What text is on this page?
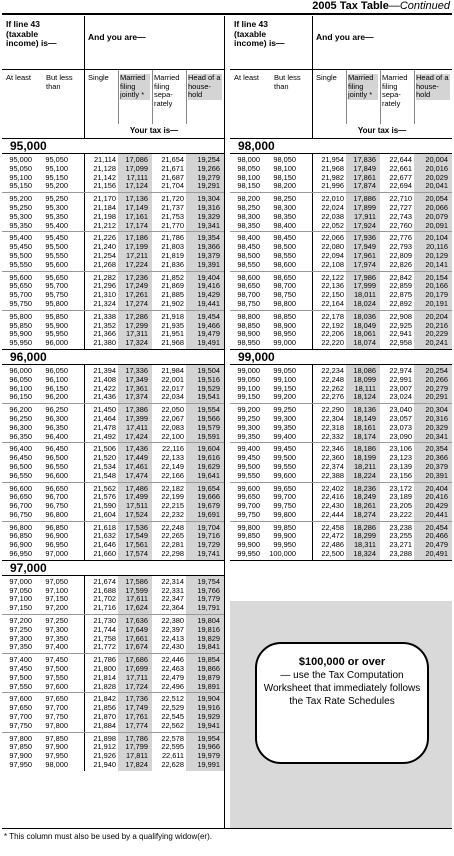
2005 Tax Table—Continued
If line 43 (taxable income) is—
And you are—
At least	But less than
Single	Married filing jointly *
Married filing sepa-rately
Head of a house-hold
Your tax is—
95,000
95,000	95,050	21,114	17,086	21,654	19,254
95,050	95,100	21,128	17,099	21,671	19,266
95,100	95,150	21,142	17,111	21,687	19,279
95,150	95,200	21,156	17,124	21,704	19,291
95,200	95,250	21,170	17,136	21,720	19,304
95,250	95,300	21,184	17,149	21,737	19,316
95,300	95,350	21,198	17,161	21,753	19,329
95,350	95,400	21,212	17,174	21,770	19,341
95,400	95,450	21,226	17,186	21,786	19,354
95,450	95,500	21,240	17,199	21,803	19,366
95,500	95,550	21,254	17,211	21,819	19,379
95,550	95,600	21,268	17,224	21,836	19,391
95,600	95,650	21,282	17,236	21,852	19,404
95,650	95,700	21,296	17,249	21,869	19,416
95,700	95,750	21,310	17,261	21,885	19,429
95,750	95,800	21,324	17,274	21,902	19,441
95,800	95,850	21,338	17,286	21,918	19,454
95,850	95,900	21,352	17,299	21,935	19,466
95,900	95,950	21,366	17,311	21,951	19,479
95,950	96,000	21,380	17,324	21,968	19,491
96,000
96,000	96,050	21,394	17,336	21,984	19,504
96,050	96,100	21,408	17,349	22,001	19,516
96,100	96,150	21,422	17,361	22,017	19,529
96,150	96,200	21,436	17,374	22,034	19,541
96,200	96,250	21,450	17,386	22,050	19,554
96,250	96,300	21,464	17,399	22,067	19,566
96,300	96,350	21,478	17,411	22,083	19,579
96,350	96,400	21,492	17,424	22,100	19,591
96,400	96,450	21,506	17,436	22,116	19,604
96,450	96,500	21,520	17,449	22,133	19,616
96,500	96,550	21,534	17,461	22,149	19,629
96,550	96,600	21,548	17,474	22,166	19,641
96,600	96,650	21,562	17,486	22,182	19,654
96,650	96,700	21,576	17,499	22,199	19,666
96,700	96,750	21,590	17,511	22,215	19,679
96,750	96,800	21,604	17,524	22,232	19,691
96,800	96,850	21,618	17,536	22,248	19,704
96,850	96,900	21,632	17,549	22,265	19,716
96,900	96,950	21,646	17,561	22,281	19,729
96,950	97,000	21,660	17,574	22,298	19,741
97,000
97,000	97,050	21,674	17,586	22,314	19,754
97,050	97,100	21,688	17,599	22,331	19,766
97,100	97,150	21,702	17,611	22,347	19,779
97,150	97,200	21,716	17,624	22,364	19,791
97,200	97,250	21,730	17,636	22,380	19,804
97,250	97,300	21,744	17,649	22,397	19,816
97,300	97,350	21,758	17,661	22,413	19,829
97,350	97,400	21,772	17,674	22,430	19,841
97,400	97,450	21,786	17,686	22,446	19,854
97,450	97,500	21,800	17,699	22,463	19,866
97,500	97,550	21,814	17,711	22,479	19,879
97,550	97,600	21,828	17,724	22,496	19,891
97,600	97,650	21,842	17,736	22,512	19,904
97,650	97,700	21,856	17,749	22,529	19,916
97,700	97,750	21,870	17,761	22,545	19,929
97,750	97,800	21,884	17,774	22,562	19,941
97,800	97,850	21,898	17,786	22,578	19,954
97,850	97,900	21,912	17,799	22,595	19,966
97,900	97,950	21,926	17,811	22,611	19,979
97,950	98,000	21,940	17,824	22,628	19,991
If line 43 (taxable income) is—
And you are—
At least	But less than
Single	Married filing jointly *
Married filing sepa-rately
Head of a house-hold
Your tax is—
98,000
98,000	98,050	21,954	17,836	22,644	20,004
98,050	98,100	21,968	17,849	22,661	20,016
98,100	98,150	21,982	17,861	22,677	20,029
98,150	98,200	21,996	17,874	22,694	20,041
98,200	98,250	22,010	17,886	22,710	20,054
98,250	98,300	22,024	17,899	22,727	20,066
98,300	98,350	22,038	17,911	22,743	20,079
98,350	98,400	22,052	17,924	22,760	20,091
98,400	98,450	22,066	17,936	22,776	20,104
98,450	98,500	22,080	17,949	22,793	20,116
98,500	98,550	22,094	17,961	22,809	20,129
98,550	98,600	22,108	17,974	22,826	20,141
98,600	98,650	22,122	17,986	22,842	20,154
98,650	98,700	22,136	17,999	22,859	20,166
98,700	98,750	22,150	18,011	22,875	20,179
98,750	98,800	22,164	18,024	22,892	20,191
98,800	98,850	22,178	18,036	22,908	20,204
98,850	98,900	22,192	18,049	22,925	20,216
98,900	98,950	22,206	18,061	22,941	20,229
98,950	99,000	22,220	18,074	22,958	20,241
99,000
99,000	99,050	22,234	18,086	22,974	20,254
99,050	99,100	22,248	18,099	22,991	20,266
99,100	99,150	22,262	18,111	23,007	20,279
99,150	99,200	22,276	18,124	23,024	20,291
99,200	99,250	22,290	18,136	23,040	20,304
99,250	99,300	22,304	18,149	23,057	20,316
99,300	99,350	22,318	18,161	23,073	20,329
99,350	99,400	22,332	18,174	23,090	20,341
99,400	99,450	22,346	18,186	23,106	20,354
99,450	99,500	22,360	18,199	23,123	20,366
99,500	99,550	22,374	18,211	23,139	20,379
99,550	99,600	22,388	18,224	23,156	20,391
99,600	99,650	22,402	18,236	23,172	20,404
99,650	99,700	22,416	18,249	23,189	20,416
99,700	99,750	22,430	18,261	23,205	20,429
99,750	99,800	22,444	18,274	23,222	20,441
99,800	99,850	22,458	18,286	23,238	20,454
99,850	99,900	22,472	18,299	23,255	20,466
99,900	99,950	22,486	18,311	23,271	20,479
99,950	100,000	22,500	18,324	23,288	20,491
$100,000 or over
— use the Tax Computation Worksheet that immediately follows the Tax Rate Schedules
* This column must also be used by a qualifying widow(er).
